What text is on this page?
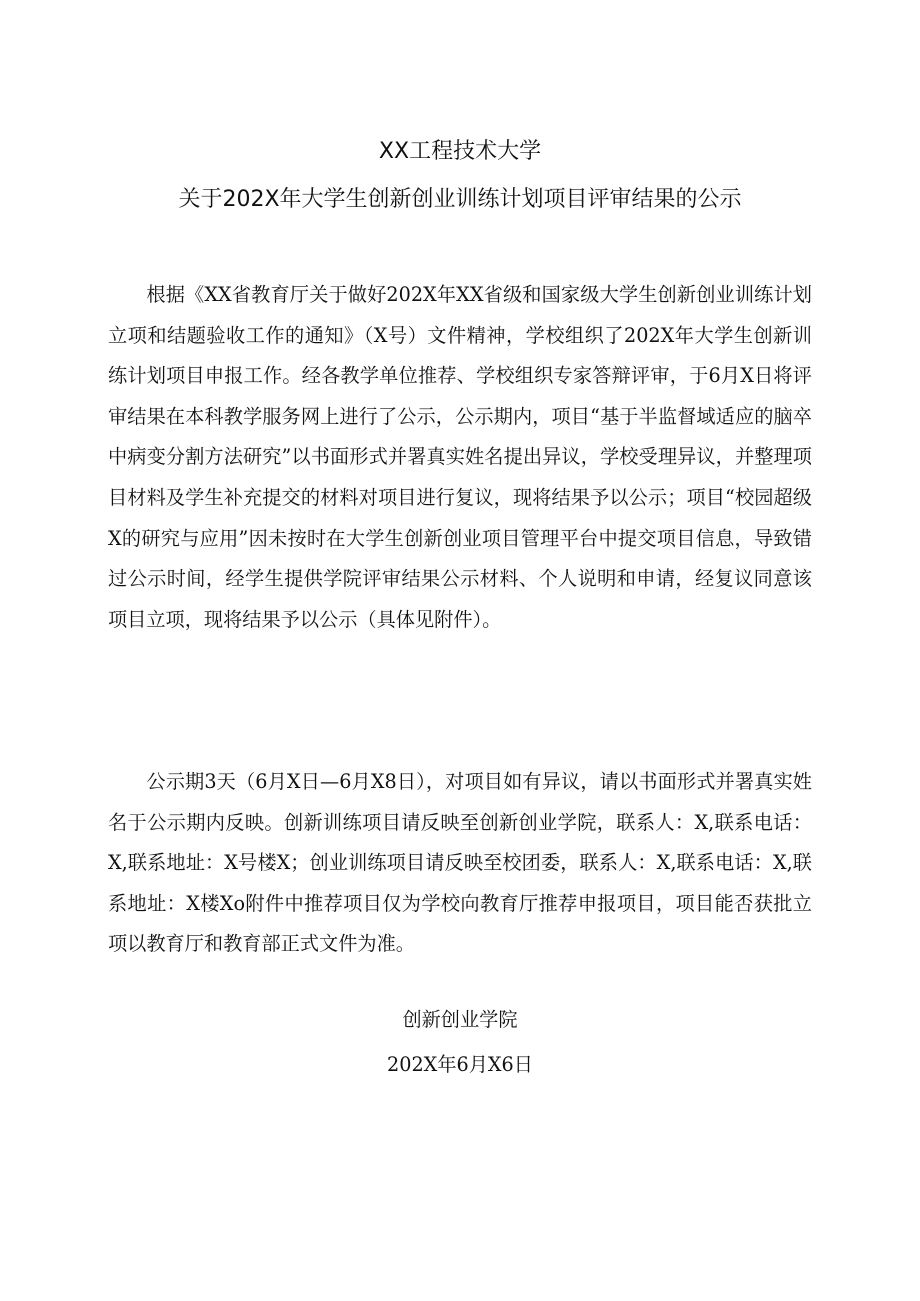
XX工程技术大学
关于202X年大学生创新创业训练计划项目评审结果的公示

根据《XX省教育厅关于做好202X年XX省级和国家级大学生创新创业训练计划立项和结题验收工作的通知》（X号）文件精神，学校组织了202X年大学生创新训练计划项目申报工作。经各教学单位推荐、学校组织专家答辩评审，于6月X日将评审结果在本科教学服务网上进行了公示，公示期内，项目“基于半监督域适应的脑卒中病变分割方法研究”以书面形式并署真实姓名提出异议，学校受理异议，并整理项目材料及学生补充提交的材料对项目进行复议，现将结果予以公示；项目“校园超级X的研究与应用”因未按时在大学生创新创业项目管理平台中提交项目信息，导致错过公示时间，经学生提供学院评审结果公示材料、个人说明和申请，经复议同意该项目立项，现将结果予以公示（具体见附件）。

公示期3天（6月X日—6月X8日），对项目如有异议，请以书面形式并署真实姓名于公示期内反映。创新训练项目请反映至创新创业学院，联系人：X,联系电话：X,联系地址：X号楼X；创业训练项目请反映至校团委，联系人：X,联系电话：X,联系地址：X楼Xo附件中推荐项目仅为学校向教育厅推荐申报项目，项目能否获批立项以教育厅和教育部正式文件为准。

创新创业学院
202X年6月X6日
